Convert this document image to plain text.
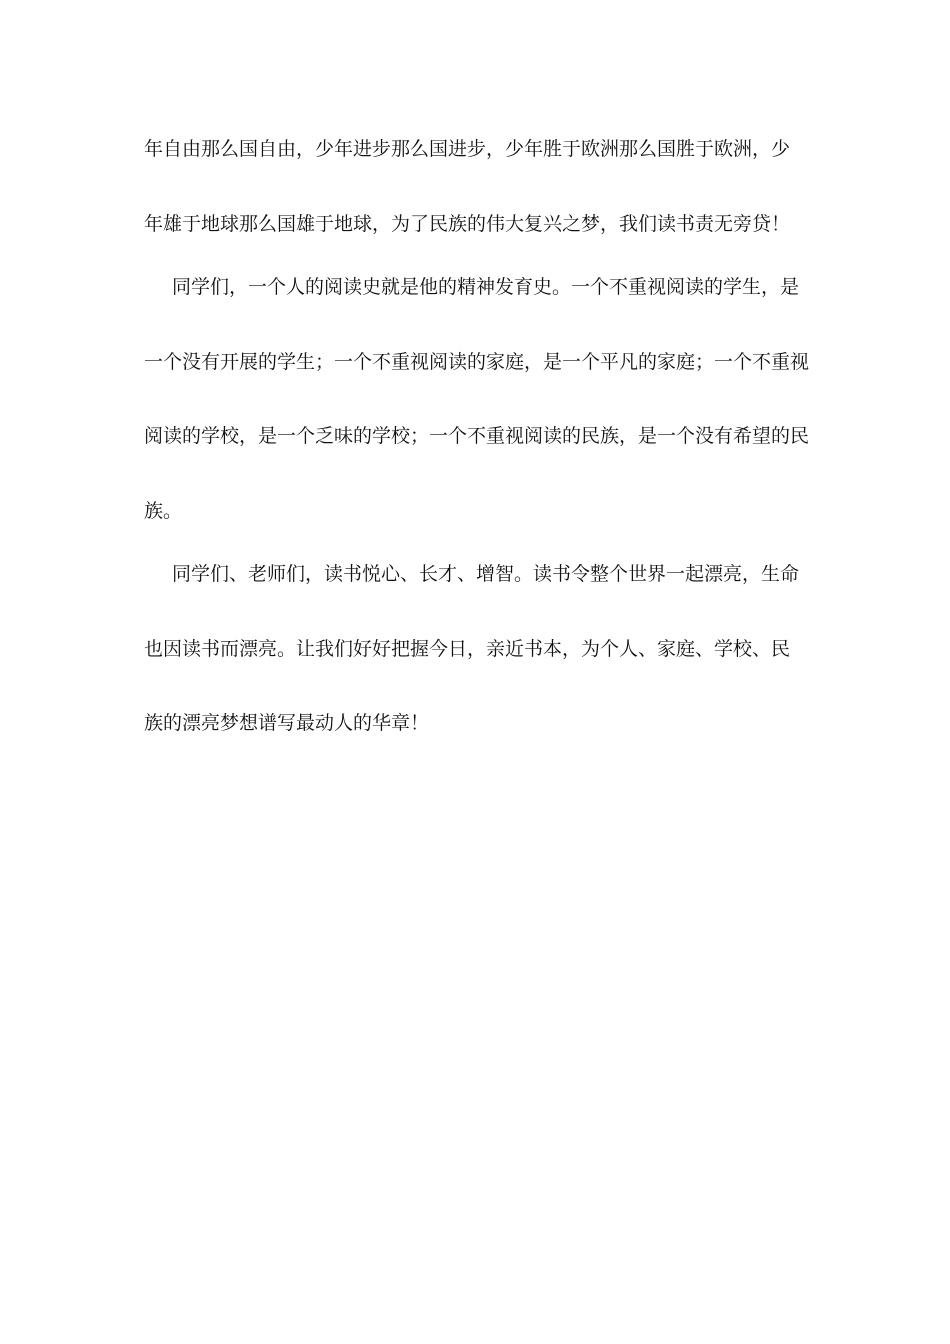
年自由那么国自由，少年进步那么国进步，少年胜于欧洲那么国胜于欧洲，少
年雄于地球那么国雄于地球，为了民族的伟大复兴之梦，我们读书责无旁贷！
同学们，一个人的阅读史就是他的精神发育史。一个不重视阅读的学生，是
一个没有开展的学生；一个不重视阅读的家庭，是一个平凡的家庭；一个不重视
阅读的学校，是一个乏味的学校；一个不重视阅读的民族，是一个没有希望的民
族。
同学们、老师们，读书悦心、长才、增智。读书令整个世界一起漂亮，生命
也因读书而漂亮。让我们好好把握今日，亲近书本，为个人、家庭、学校、民
族的漂亮梦想谱写最动人的华章！
